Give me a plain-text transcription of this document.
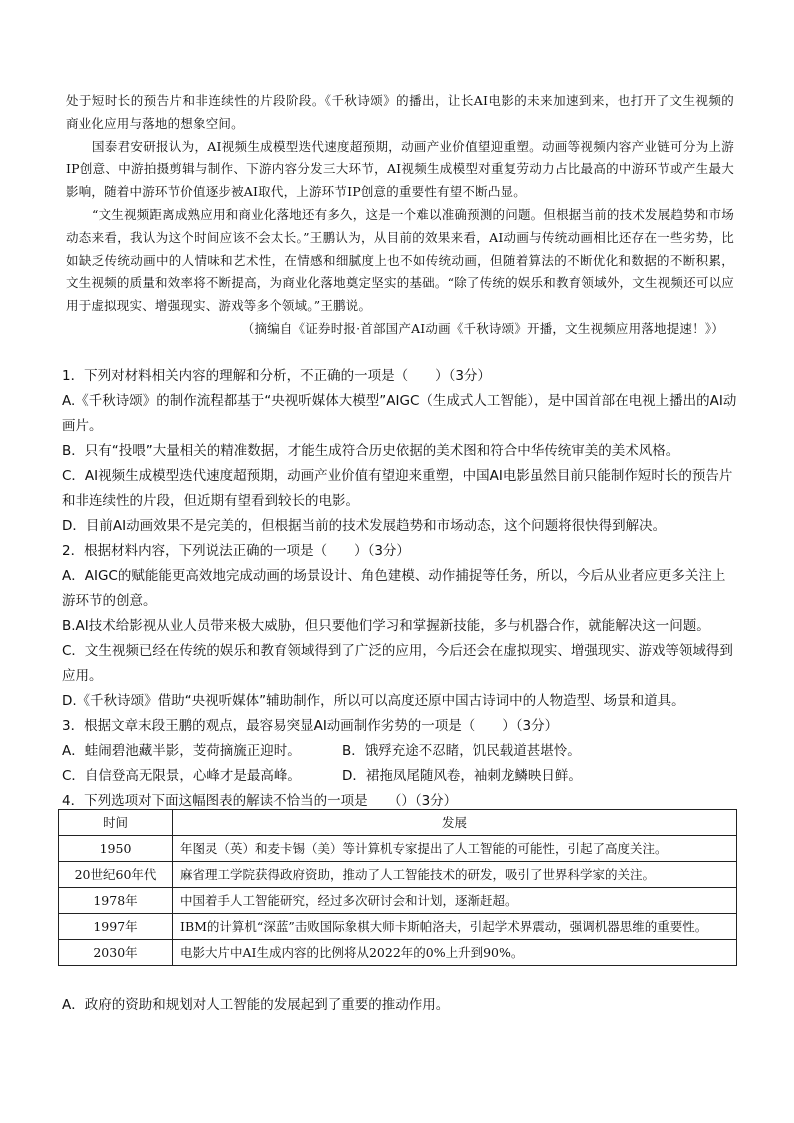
处于短时长的预告片和非连续性的片段阶段。《千秋诗颂》的播出，让长AI电影的未来加速到来，也打开了文生视频的商业化应用与落地的想象空间。

国泰君安研报认为，AI视频生成模型迭代速度超预期，动画产业价值望迎重塑。动画等视频内容产业链可分为上游IP创意、中游拍摄剪辑与制作、下游内容分发三大环节，AI视频生成模型对重复劳动力占比最高的中游环节或产生最大影响，随着中游环节价值逐步被AI取代，上游环节IP创意的重要性有望不断凸显。

“文生视频距离成熟应用和商业化落地还有多久，这是一个难以准确预测的问题。但根据当前的技术发展趋势和市场动态来看，我认为这个时间应该不会太长。”王鹏认为，从目前的效果来看，AI动画与传统动画相比还存在一些劣势，比如缺乏传统动画中的人情味和艺术性，在情感和细腻度上也不如传统动画，但随着算法的不断优化和数据的不断积累，文生视频的质量和效率将不断提高，为商业化落地奠定坚实的基础。“除了传统的娱乐和教育领域外，文生视频还可以应用于虚拟现实、增强现实、游戏等多个领域。”王鹏说。

（摘编自《证券时报·首部国产AI动画《千秋诗颂》开播，文生视频应用落地提速！》）

1．下列对材料相关内容的理解和分析，不正确的一项是（　　）（3分）
A.《千秋诗颂》的制作流程都基于“央视听媒体大模型”AIGC（生成式人工智能），是中国首部在电视上播出的AI动画片。
B．只有“投喂”大量相关的精准数据，才能生成符合历史依据的美术图和符合中华传统审美的美术风格。
C．AI视频生成模型迭代速度超预期，动画产业价值有望迎来重塑，中国AI电影虽然目前只能制作短时长的预告片和非连续性的片段，但近期有望看到较长的电影。
D．目前AI动画效果不是完美的，但根据当前的技术发展趋势和市场动态，这个问题将很快得到解决。
2．根据材料内容，下列说法正确的一项是（　　）（3分）
A．AIGC的赋能能更高效地完成动画的场景设计、角色建模、动作捕捉等任务，所以，今后从业者应更多关注上游环节的创意。
B.AI技术给影视从业人员带来极大威胁，但只要他们学习和掌握新技能，多与机器合作，就能解决这一问题。
C．文生视频已经在传统的娱乐和教育领域得到了广泛的应用，今后还会在虚拟现实、增强现实、游戏等领域得到应用。
D.《千秋诗颂》借助“央视听媒体”辅助制作，所以可以高度还原中国古诗词中的人物造型、场景和道具。
3．根据文章末段王鹏的观点，最容易突显AI动画制作劣势的一项是（　　）（3分）
A．蛙闹碧池藏半影，芰荷摘旒正迎时。	B．饿殍充途不忍睹，饥民载道甚堪怜。
C．自信登高无限景，心峰才是最高峰。	D．裙拖凤尾随风卷，袖刺龙鳞映日鲜。
4．下列选项对下面这幅图表的解读不恰当的一项是　　（）（3分）
时间	发展
1950	年图灵（英）和麦卡锡（美）等计算机专家提出了人工智能的可能性，引起了高度关注。
20世纪60年代	麻省理工学院获得政府资助，推动了人工智能技术的研发，吸引了世界科学家的关注。
1978年	中国着手人工智能研究，经过多次研讨会和计划，逐渐赶超。
1997年	IBM的计算机“深蓝”击败国际象棋大师卡斯帕洛夫，引起学术界震动，强调机器思维的重要性。
2030年	电影大片中AI生成内容的比例将从2022年的0%上升到90%。
A．政府的资助和规划对人工智能的发展起到了重要的推动作用。
